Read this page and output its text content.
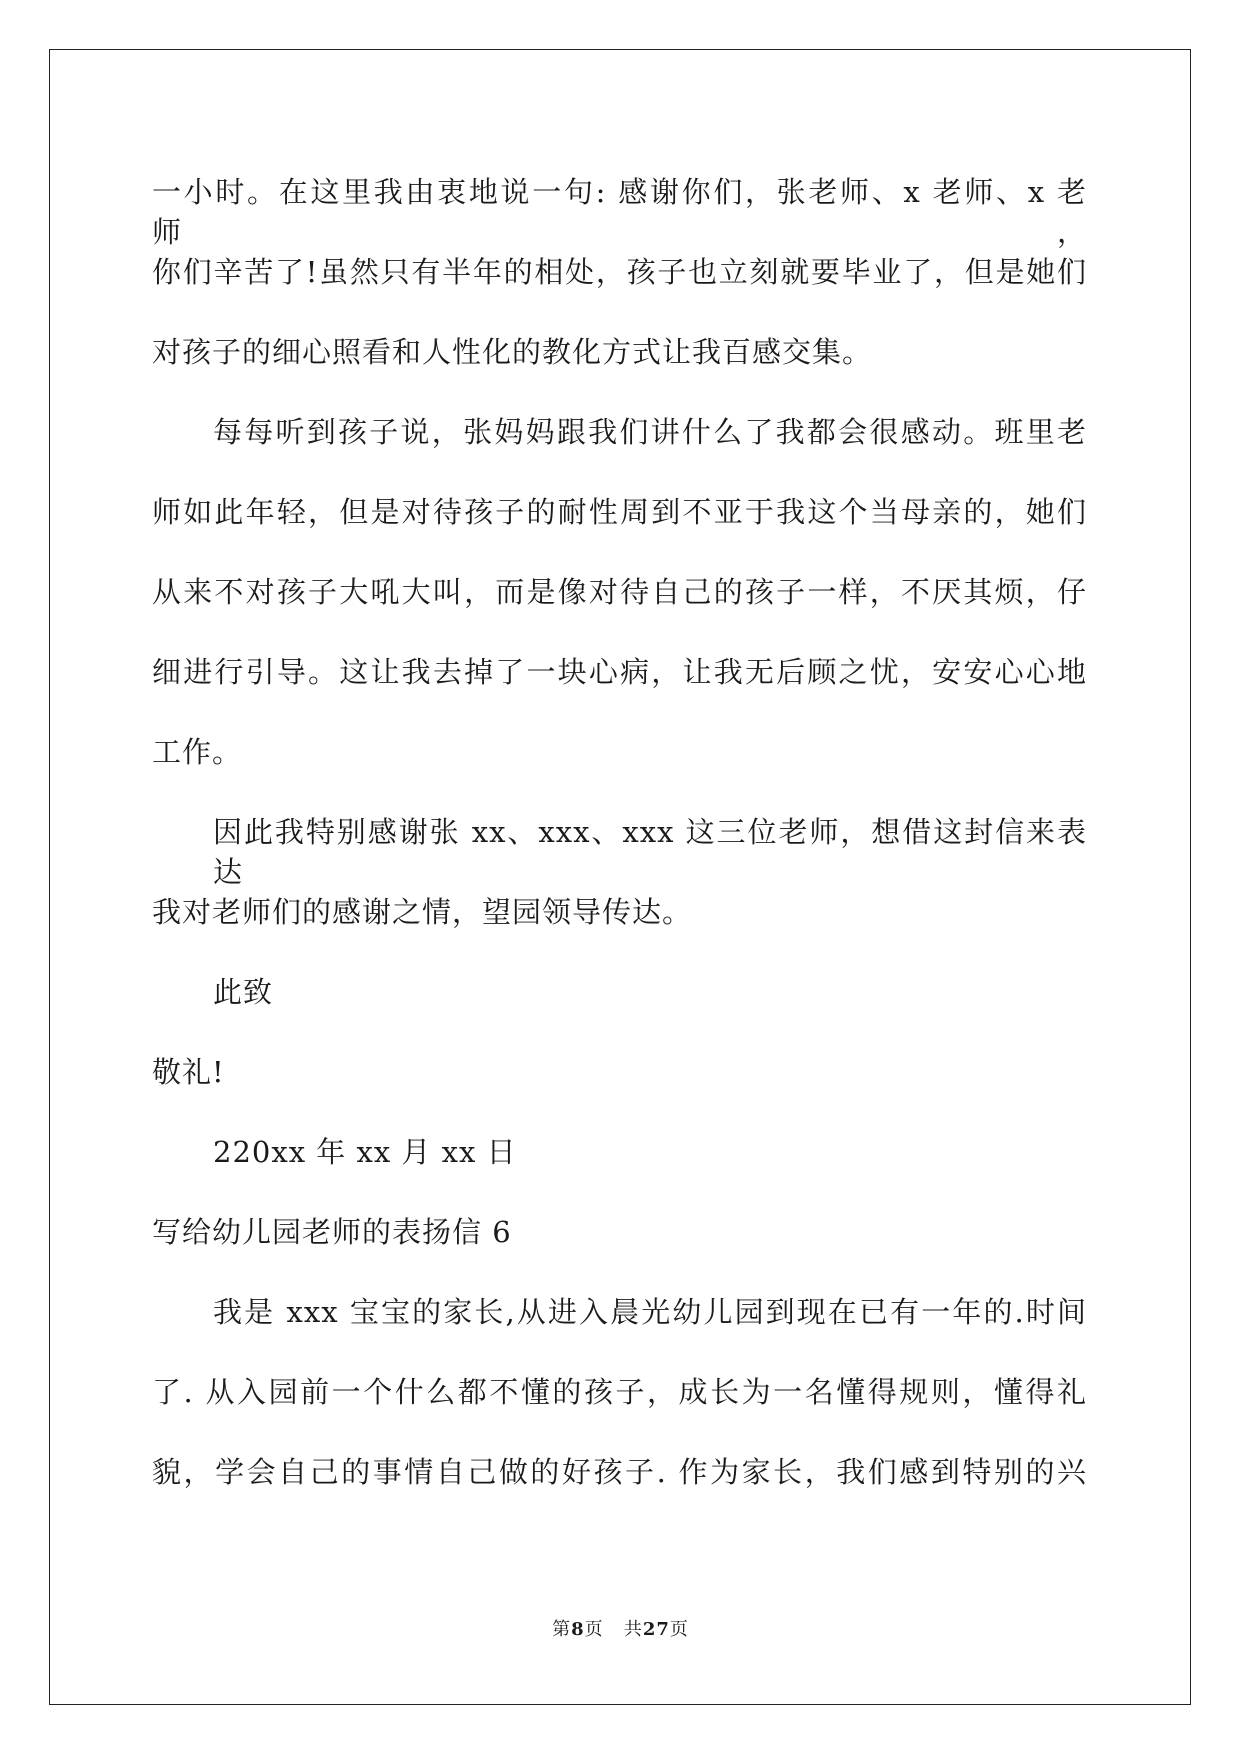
一小时。在这里我由衷地说一句: 感谢你们，张老师、x 老师、x 老师，
你们辛苦了!虽然只有半年的相处，孩子也立刻就要毕业了，但是她们
对孩子的细心照看和人性化的教化方式让我百感交集。
每每听到孩子说，张妈妈跟我们讲什么了我都会很感动。班里老
师如此年轻，但是对待孩子的耐性周到不亚于我这个当母亲的，她们
从来不对孩子大吼大叫，而是像对待自己的孩子一样，不厌其烦，仔
细进行引导。这让我去掉了一块心病，让我无后顾之忧，安安心心地
工作。
因此我特别感谢张 xx、xxx、xxx 这三位老师，想借这封信来表达
我对老师们的感谢之情，望园领导传达。
此致
敬礼!
220xx 年 xx 月 xx 日
写给幼儿园老师的表扬信 6
我是 xxx 宝宝的家长,从进入晨光幼儿园到现在已有一年的.时间
了. 从入园前一个什么都不懂的孩子，成长为一名懂得规则，懂得礼
貌，学会自己的事情自己做的好孩子. 作为家长，我们感到特别的兴
第8页 共27页
